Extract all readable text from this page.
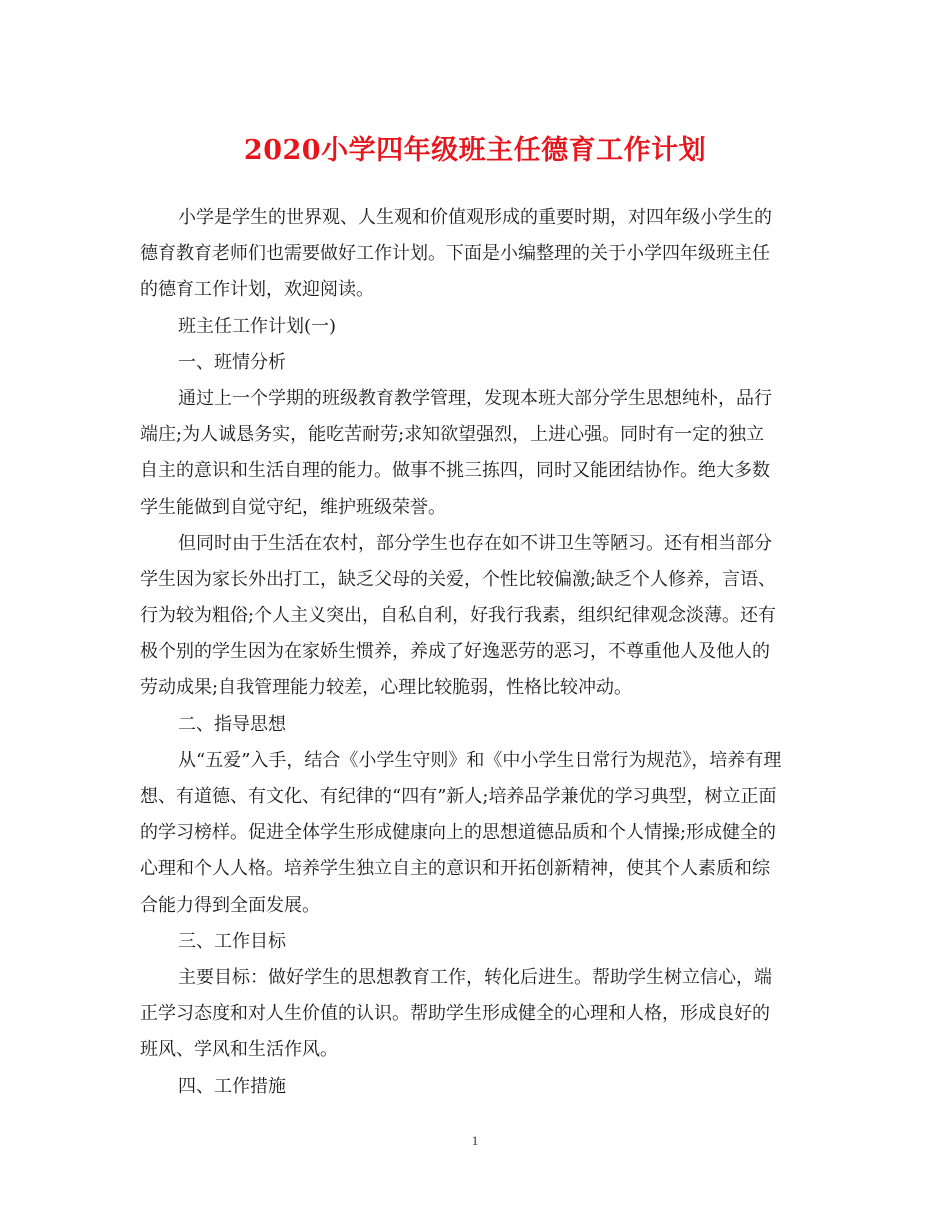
2020小学四年级班主任德育工作计划
小学是学生的世界观、人生观和价值观形成的重要时期，对四年级小学生的
德育教育老师们也需要做好工作计划。下面是小编整理的关于小学四年级班主任
的德育工作计划，欢迎阅读。
班主任工作计划(一)
一、班情分析
通过上一个学期的班级教育教学管理，发现本班大部分学生思想纯朴，品行
端庄;为人诚恳务实，能吃苦耐劳;求知欲望强烈，上进心强。同时有一定的独立
自主的意识和生活自理的能力。做事不挑三拣四，同时又能团结协作。绝大多数
学生能做到自觉守纪，维护班级荣誉。
但同时由于生活在农村，部分学生也存在如不讲卫生等陋习。还有相当部分
学生因为家长外出打工，缺乏父母的关爱，个性比较偏激;缺乏个人修养，言语、
行为较为粗俗;个人主义突出，自私自利，好我行我素，组织纪律观念淡薄。还有
极个别的学生因为在家娇生惯养，养成了好逸恶劳的恶习，不尊重他人及他人的
劳动成果;自我管理能力较差，心理比较脆弱，性格比较冲动。
二、指导思想
从“五爱”入手，结合《小学生守则》和《中小学生日常行为规范》，培养有理
想、有道德、有文化、有纪律的“四有”新人;培养品学兼优的学习典型，树立正面
的学习榜样。促进全体学生形成健康向上的思想道德品质和个人情操;形成健全的
心理和个人人格。培养学生独立自主的意识和开拓创新精神，使其个人素质和综
合能力得到全面发展。
三、工作目标
主要目标：做好学生的思想教育工作，转化后进生。帮助学生树立信心，端
正学习态度和对人生价值的认识。帮助学生形成健全的心理和人格，形成良好的
班风、学风和生活作风。
四、工作措施
1
